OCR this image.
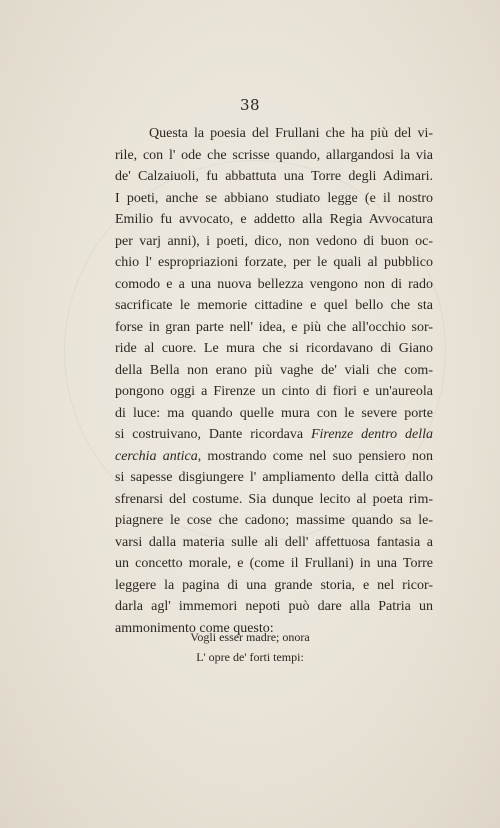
38
Questa la poesia del Frullani che ha più del vi-
rile, con l' ode che scrisse quando, allargandosi la via
de' Calzaiuoli, fu abbattuta una Torre degli Adimari.
I poeti, anche se abbiano studiato legge (e il nostro
Emilio fu avvocato, e addetto alla Regia Avvocatura
per varj anni), i poeti, dico, non vedono di buon oc-
chio l' espropriazioni forzate, per le quali al pubblico
comodo e a una nuova bellezza vengono non di rado
sacrificate le memorie cittadine e quel bello che sta
forse in gran parte nell' idea, e più che all'occhio sor-
ride al cuore. Le mura che si ricordavano di Giano
della Bella non erano più vaghe de' viali che com-
pongono oggi a Firenze un cinto di fiori e un'aureola
di luce: ma quando quelle mura con le severe porte
si costruivano, Dante ricordava Firenze dentro della
cerchia antica, mostrando come nel suo pensiero non
si sapesse disgiungere l' ampliamento della città dallo
sfrenarsi del costume. Sia dunque lecito al poeta rim-
piagnere le cose che cadono; massime quando sa le-
varsi dalla materia sulle ali dell' affettuosa fantasia a
un concetto morale, e (come il Frullani) in una Torre
leggere la pagina di una grande storia, e nel ricor-
darla agl' immemori nepoti può dare alla Patria un
ammonimento come questo:
Vogli esser madre; onora
L' opre de' forti tempi:
